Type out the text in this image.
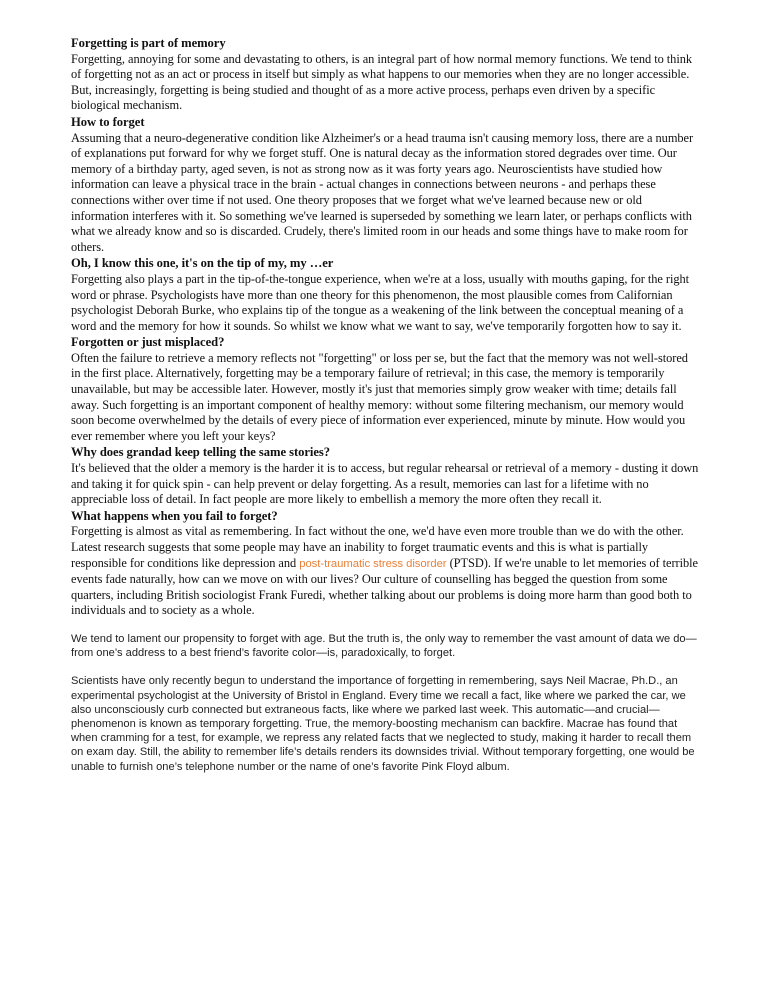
Forgetting is part of memory

Forgetting, annoying for some and devastating to others, is an integral part of how normal memory functions. We tend to think of forgetting not as an act or process in itself but simply as what happens to our memories when they are no longer accessible. But, increasingly, forgetting is being studied and thought of as a more active process, perhaps even driven by a specific biological mechanism.

How to forget

Assuming that a neuro-degenerative condition like Alzheimer's or a head trauma isn't causing memory loss, there are a number of explanations put forward for why we forget stuff. One is natural decay as the information stored degrades over time. Our memory of a birthday party, aged seven, is not as strong now as it was forty years ago. Neuroscientists have studied how information can leave a physical trace in the brain - actual changes in connections between neurons - and perhaps these connections wither over time if not used. One theory proposes that we forget what we've learned because new or old information interferes with it. So something we've learned is superseded by something we learn later, or perhaps conflicts with what we already know and so is discarded. Crudely, there's limited room in our heads and some things have to make room for others.

Oh, I know this one, it's on the tip of my, my …er

Forgetting also plays a part in the tip-of-the-tongue experience, when we're at a loss, usually with mouths gaping, for the right word or phrase. Psychologists have more than one theory for this phenomenon, the most plausible comes from Californian psychologist Deborah Burke, who explains tip of the tongue as a weakening of the link between the conceptual meaning of a word and the memory for how it sounds. So whilst we know what we want to say, we've temporarily forgotten how to say it.

Forgotten or just misplaced?

Often the failure to retrieve a memory reflects not "forgetting" or loss per se, but the fact that the memory was not well-stored in the first place. Alternatively, forgetting may be a temporary failure of retrieval; in this case, the memory is temporarily unavailable, but may be accessible later. However, mostly it's just that memories simply grow weaker with time; details fall away. Such forgetting is an important component of healthy memory: without some filtering mechanism, our memory would soon become overwhelmed by the details of every piece of information ever experienced, minute by minute. How would you ever remember where you left your keys?

Why does grandad keep telling the same stories?

It's believed that the older a memory is the harder it is to access, but regular rehearsal or retrieval of a memory - dusting it down and taking it for quick spin - can help prevent or delay forgetting. As a result, memories can last for a lifetime with no appreciable loss of detail. In fact people are more likely to embellish a memory the more often they recall it.

What happens when you fail to forget?

Forgetting is almost as vital as remembering. In fact without the one, we'd have even more trouble than we do with the other. Latest research suggests that some people may have an inability to forget traumatic events and this is what is partially responsible for conditions like depression and post-traumatic stress disorder (PTSD). If we're unable to let memories of terrible events fade naturally, how can we move on with our lives? Our culture of counselling has begged the question from some quarters, including British sociologist Frank Furedi, whether talking about our problems is doing more harm than good both to individuals and to society as a whole.

We tend to lament our propensity to forget with age. But the truth is, the only way to remember the vast amount of data we do—from one’s address to a best friend’s favorite color—is, paradoxically, to forget.

Scientists have only recently begun to understand the importance of forgetting in remembering, says Neil Macrae, Ph.D., an experimental psychologist at the University of Bristol in England. Every time we recall a fact, like where we parked the car, we also unconsciously curb connected but extraneous facts, like where we parked last week. This automatic—and crucial—phenomenon is known as temporary forgetting. True, the memory-boosting mechanism can backfire. Macrae has found that when cramming for a test, for example, we repress any related facts that we neglected to study, making it harder to recall them on exam day. Still, the ability to remember life’s details renders its downsides trivial. Without temporary forgetting, one would be unable to furnish one’s telephone number or the name of one’s favorite Pink Floyd album.
